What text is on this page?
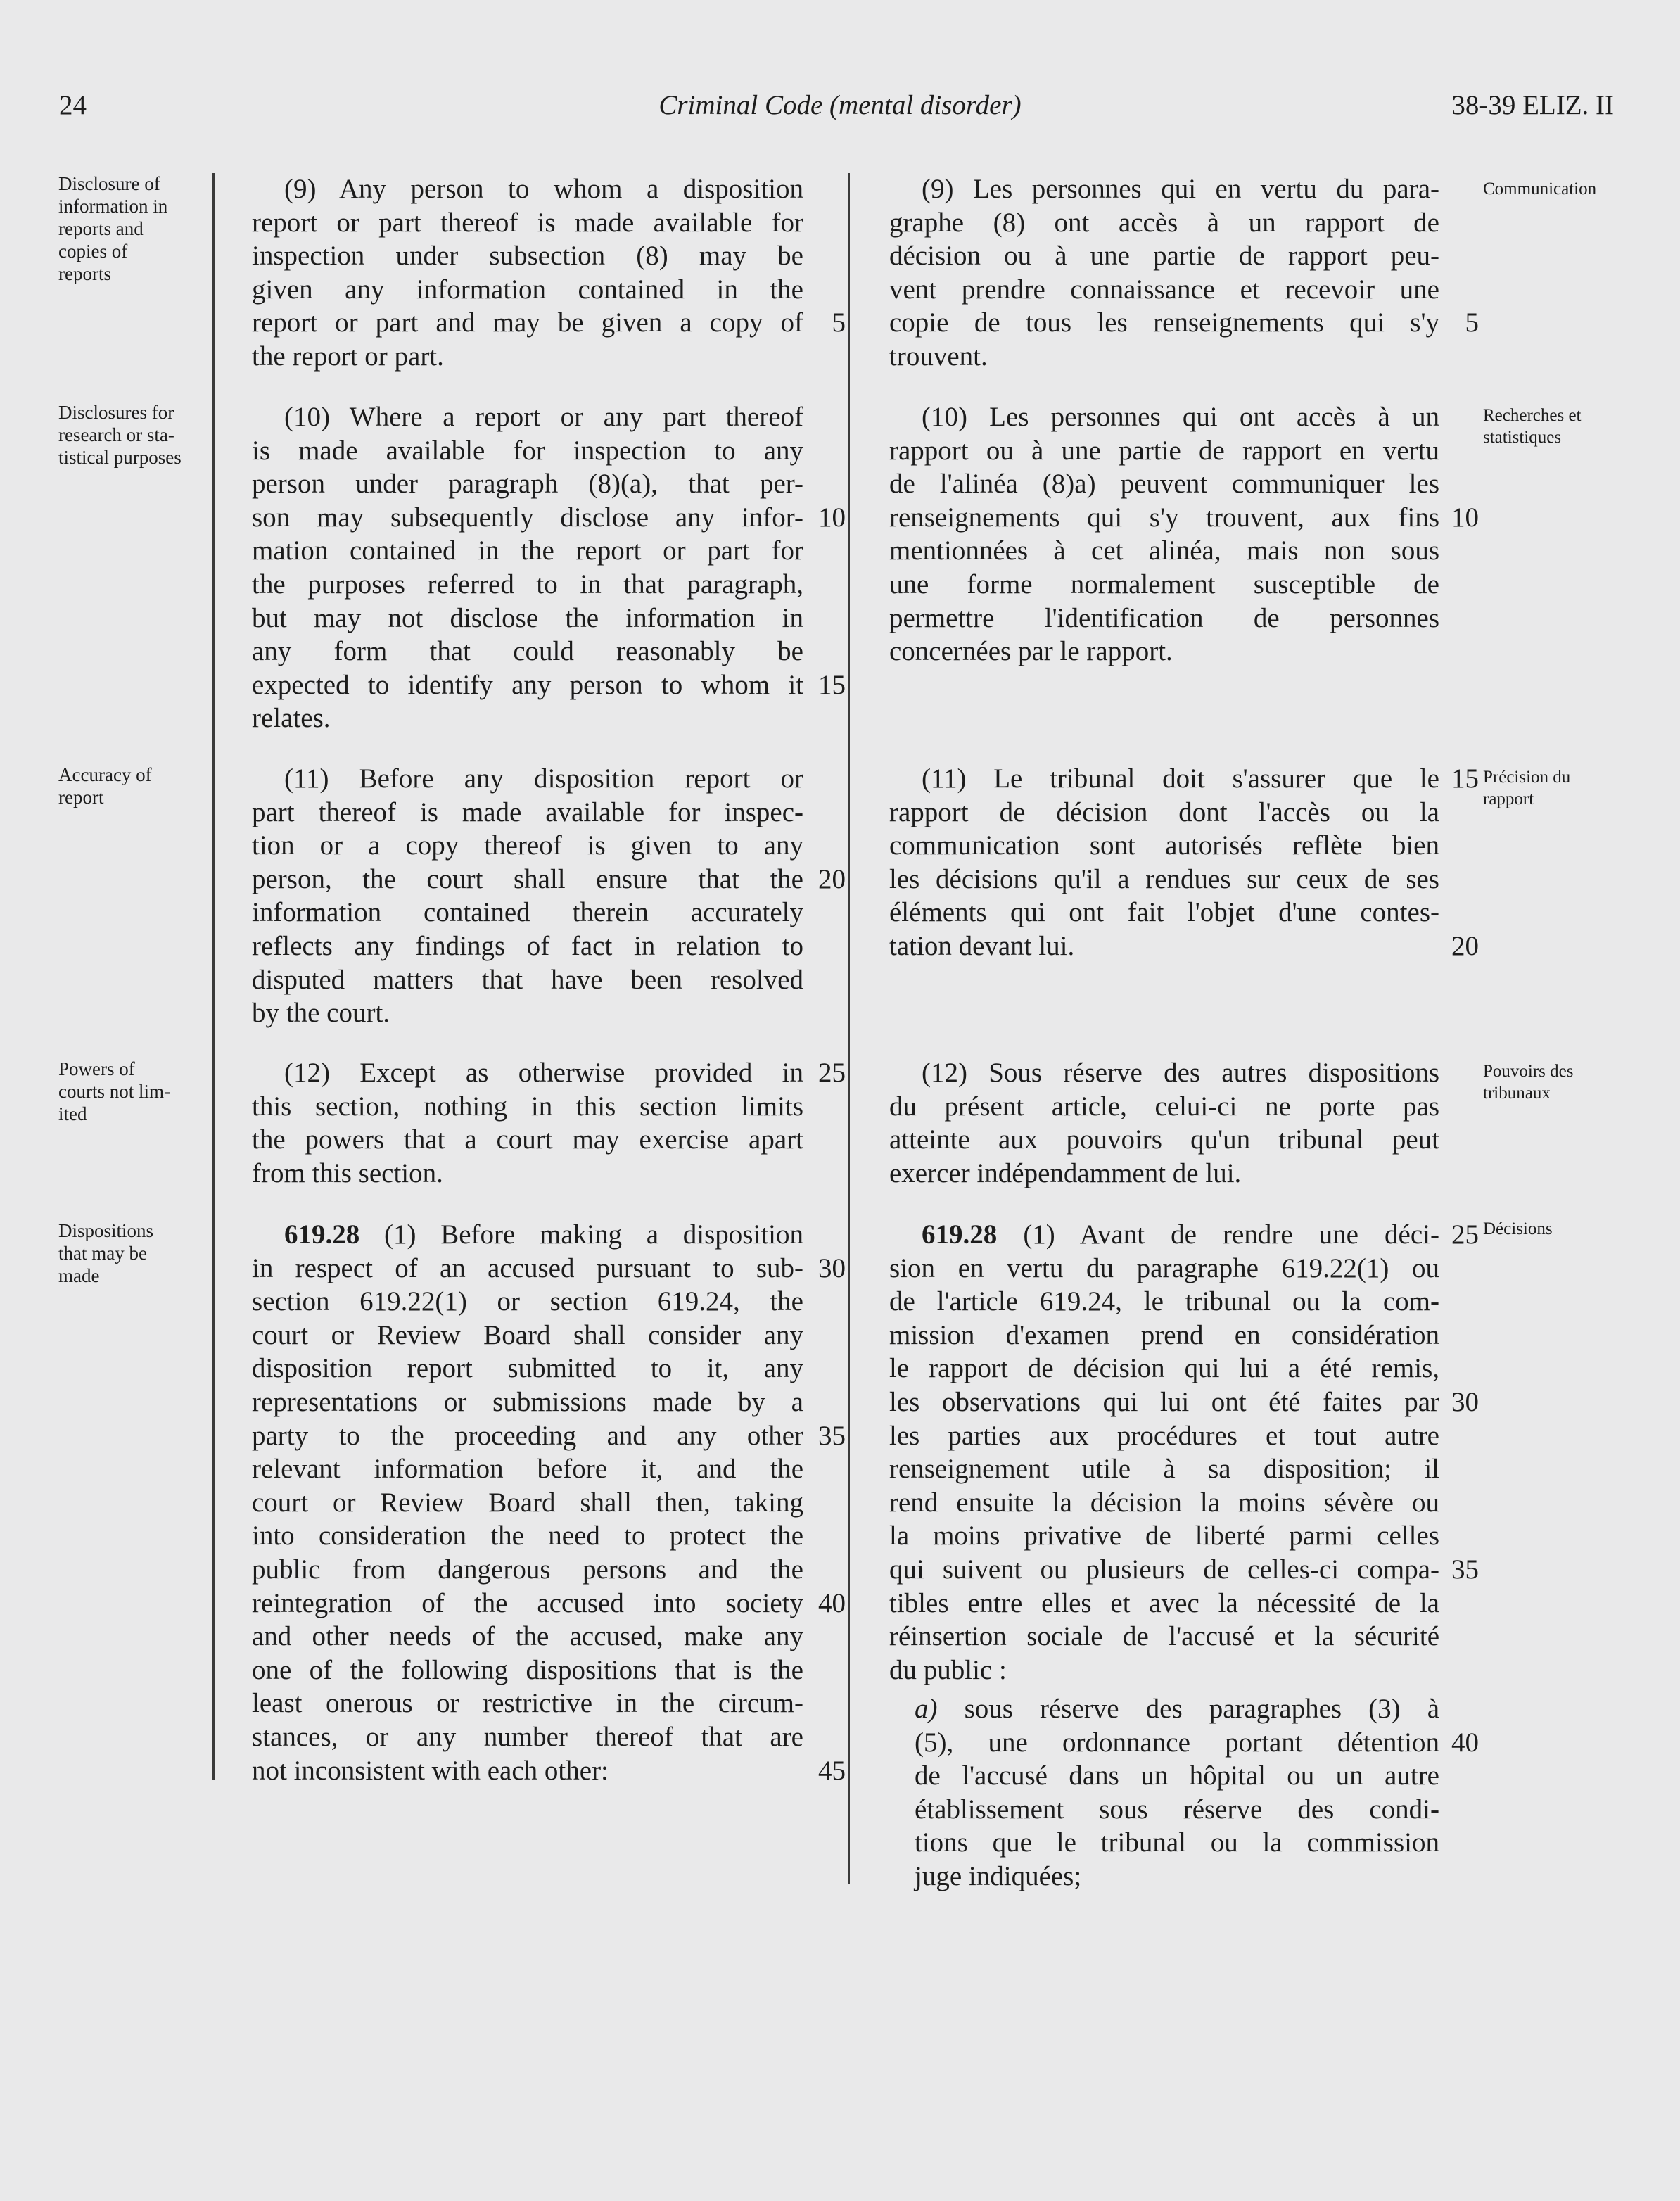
24	Criminal Code (mental disorder)	38-39 ELIZ. II
Disclosure of
information in
reports and
copies of
reports
Disclosures for
research or sta-
tistical purposes
Accuracy of
report
Powers of
courts not lim-
ited
Dispositions
that may be
made
(9) Any person to whom a disposition
report or part thereof is made available for
inspection under subsection (8) may be
given any information contained in the
report or part and may be given a copy of
the report or part.
(10) Where a report or any part thereof
is made available for inspection to any
person under paragraph (8)(a), that per-
son may subsequently disclose any infor-
mation contained in the report or part for
the purposes referred to in that paragraph,
but may not disclose the information in
any form that could reasonably be
expected to identify any person to whom it
relates.
(11) Before any disposition report or
part thereof is made available for inspec-
tion or a copy thereof is given to any
person, the court shall ensure that the
information contained therein accurately
reflects any findings of fact in relation to
disputed matters that have been resolved
by the court.
(12) Except as otherwise provided in
this section, nothing in this section limits
the powers that a court may exercise apart
from this section.
619.28 (1) Before making a disposition
in respect of an accused pursuant to sub-
section 619.22(1) or section 619.24, the
court or Review Board shall consider any
disposition report submitted to it, any
representations or submissions made by a
party to the proceeding and any other
relevant information before it, and the
court or Review Board shall then, taking
into consideration the need to protect the
public from dangerous persons and the
reintegration of the accused into society
and other needs of the accused, make any
one of the following dispositions that is the
least onerous or restrictive in the circum-
stances, or any number thereof that are
not inconsistent with each other:
5
10
15
20
25
30
35
40
45
(9) Les personnes qui en vertu du para-
graphe (8) ont accès à un rapport de
décision ou à une partie de rapport peu-
vent prendre connaissance et recevoir une
copie de tous les renseignements qui s'y
trouvent.
(10) Les personnes qui ont accès à un
rapport ou à une partie de rapport en vertu
de l'alinéa (8)a) peuvent communiquer les
renseignements qui s'y trouvent, aux fins
mentionnées à cet alinéa, mais non sous
une forme normalement susceptible de
permettre l'identification de personnes
concernées par le rapport.
(11) Le tribunal doit s'assurer que le
rapport de décision dont l'accès ou la
communication sont autorisés reflète bien
les décisions qu'il a rendues sur ceux de ses
éléments qui ont fait l'objet d'une contes-
tation devant lui.
(12) Sous réserve des autres dispositions
du présent article, celui-ci ne porte pas
atteinte aux pouvoirs qu'un tribunal peut
exercer indépendamment de lui.
619.28 (1) Avant de rendre une déci-
sion en vertu du paragraphe 619.22(1) ou
de l'article 619.24, le tribunal ou la com-
mission d'examen prend en considération
le rapport de décision qui lui a été remis,
les observations qui lui ont été faites par
les parties aux procédures et tout autre
renseignement utile à sa disposition; il
rend ensuite la décision la moins sévère ou
la moins privative de liberté parmi celles
qui suivent ou plusieurs de celles-ci compa-
tibles entre elles et avec la nécessité de la
réinsertion sociale de l'accusé et la sécurité
du public :
a) sous réserve des paragraphes (3) à
(5), une ordonnance portant détention
de l'accusé dans un hôpital ou un autre
établissement sous réserve des condi-
tions que le tribunal ou la commission
juge indiquées;
5
10
15
20
25
30
35
40
Communication
Recherches et
statistiques
Précision du
rapport
Pouvoirs des
tribunaux
Décisions
